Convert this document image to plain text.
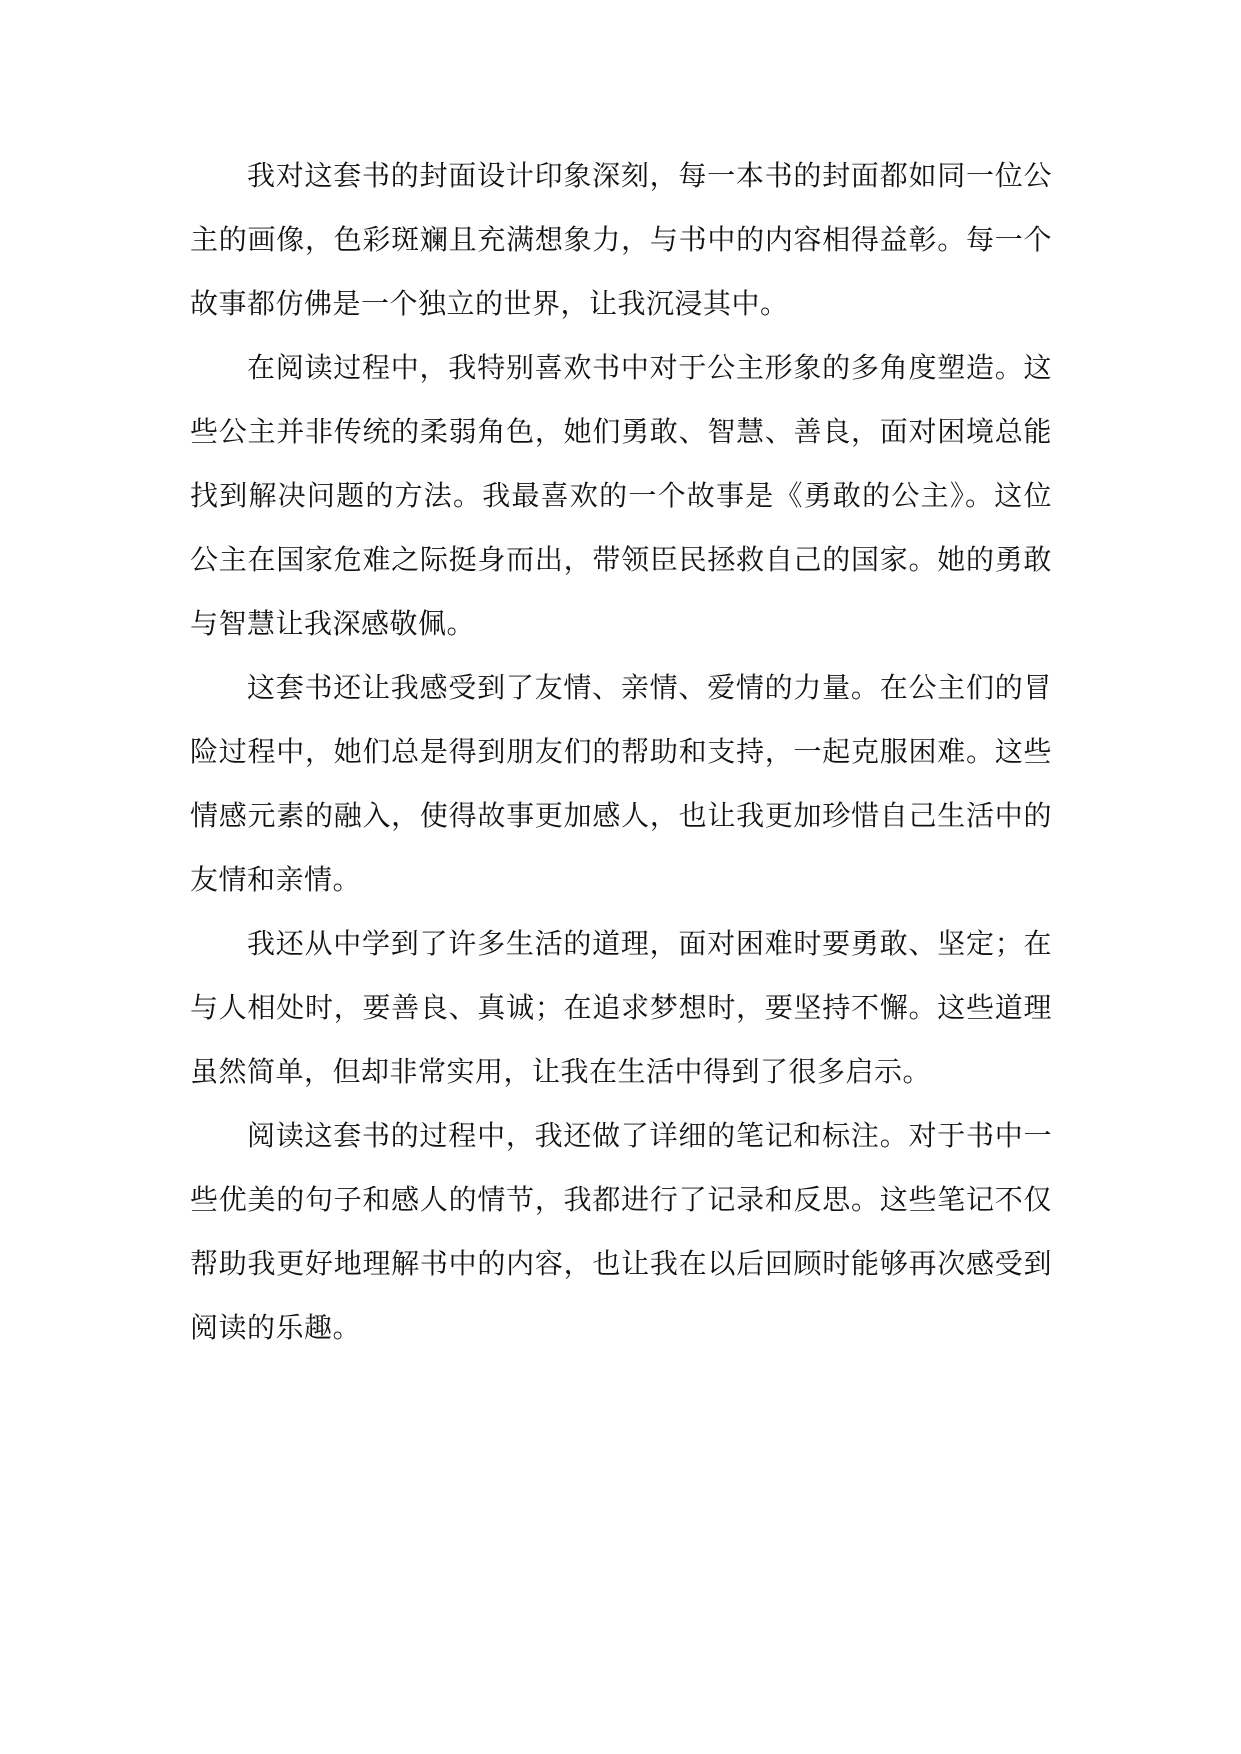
我对这套书的封面设计印象深刻，每一本书的封面都如同一位公主的画像，色彩斑斓且充满想象力，与书中的内容相得益彰。每一个故事都仿佛是一个独立的世界，让我沉浸其中。

在阅读过程中，我特别喜欢书中对于公主形象的多角度塑造。这些公主并非传统的柔弱角色，她们勇敢、智慧、善良，面对困境总能找到解决问题的方法。我最喜欢的一个故事是《勇敢的公主》。这位公主在国家危难之际挺身而出，带领臣民拯救自己的国家。她的勇敢与智慧让我深感敬佩。

这套书还让我感受到了友情、亲情、爱情的力量。在公主们的冒险过程中，她们总是得到朋友们的帮助和支持，一起克服困难。这些情感元素的融入，使得故事更加感人，也让我更加珍惜自己生活中的友情和亲情。

我还从中学到了许多生活的道理，面对困难时要勇敢、坚定；在与人相处时，要善良、真诚；在追求梦想时，要坚持不懈。这些道理虽然简单，但却非常实用，让我在生活中得到了很多启示。

阅读这套书的过程中，我还做了详细的笔记和标注。对于书中一些优美的句子和感人的情节，我都进行了记录和反思。这些笔记不仅帮助我更好地理解书中的内容，也让我在以后回顾时能够再次感受到阅读的乐趣。
